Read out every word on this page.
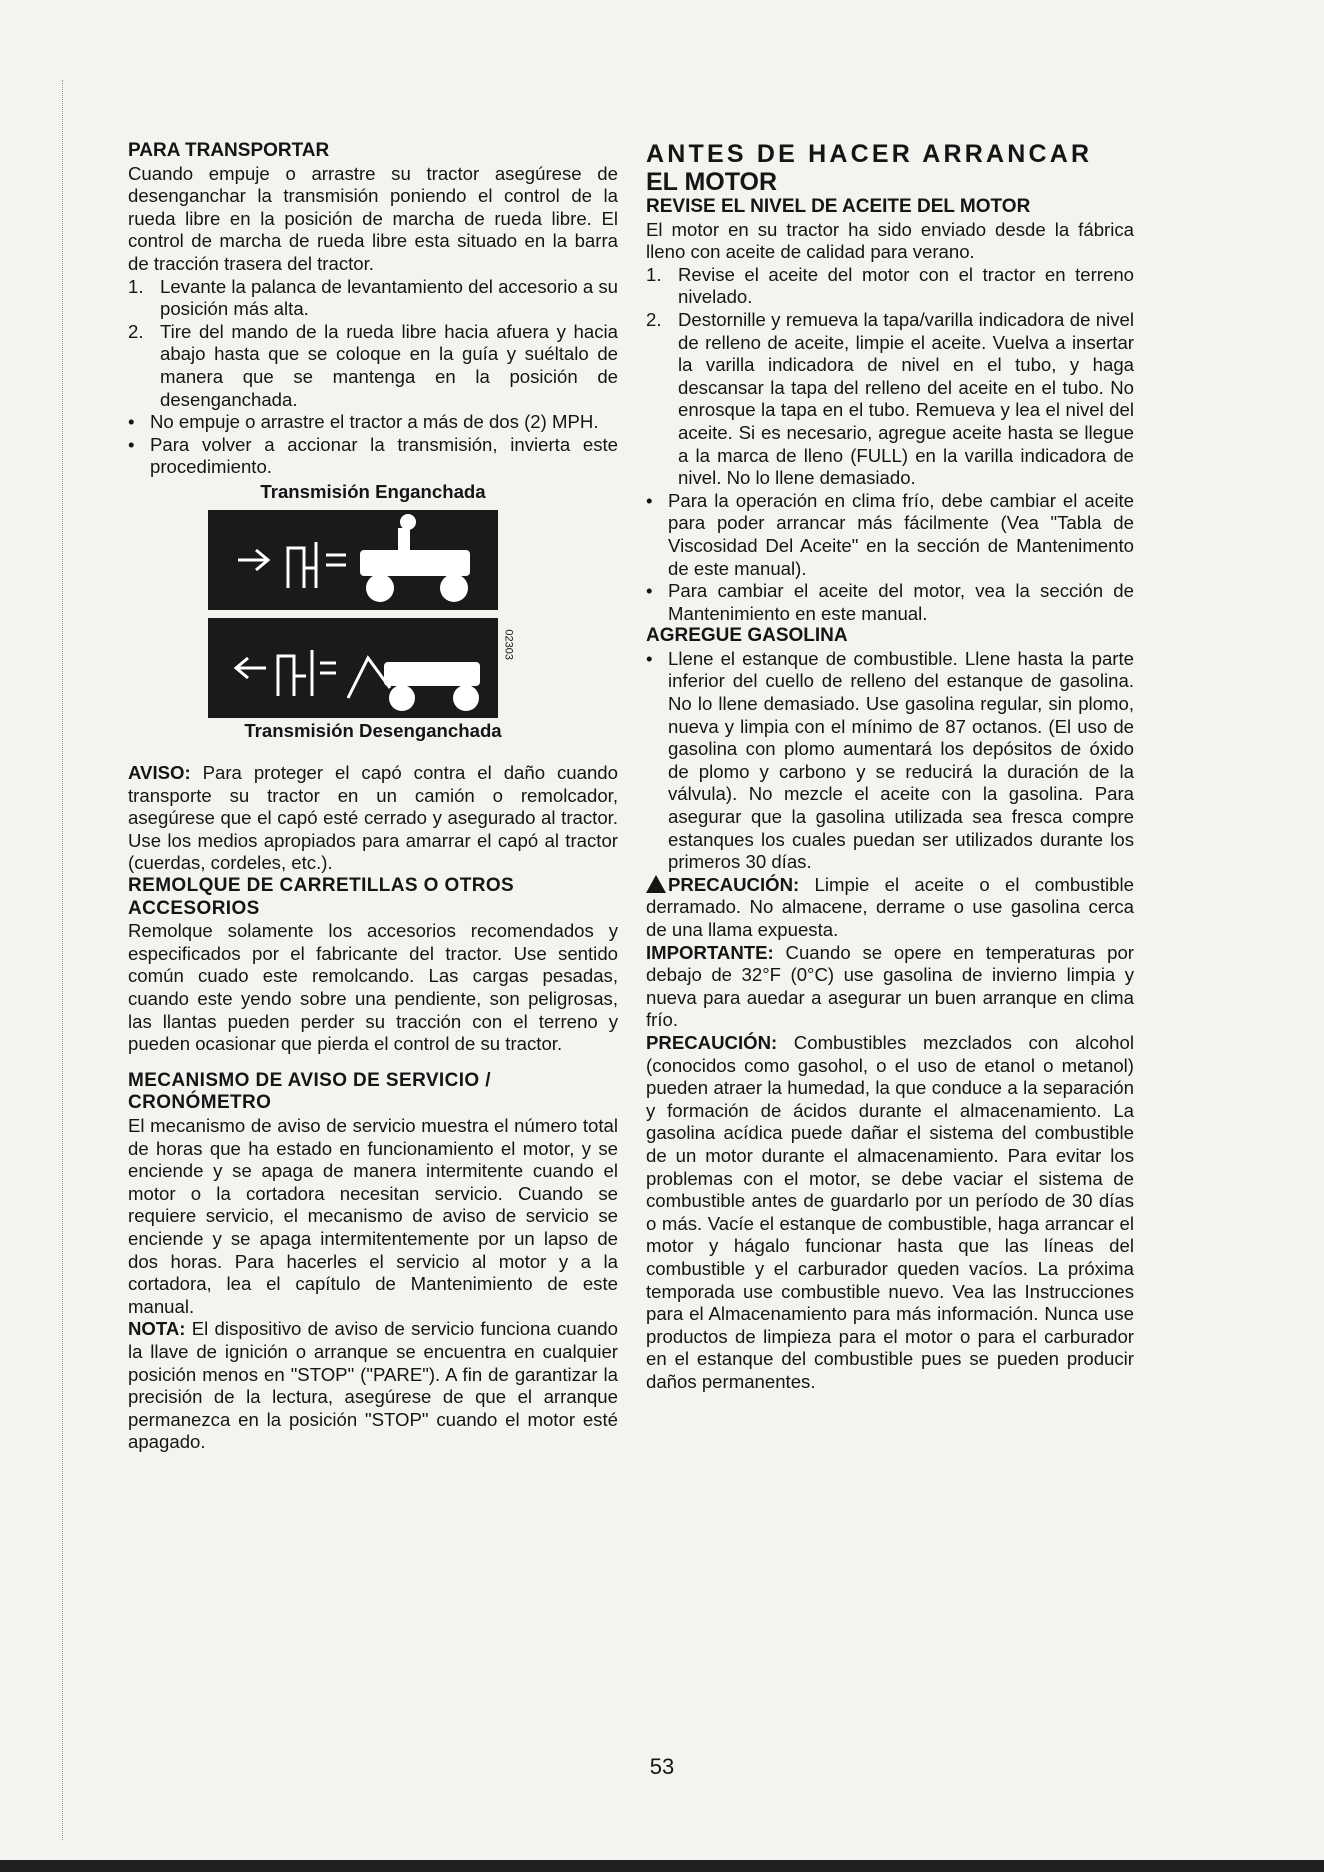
PARA TRANSPORTAR

Cuando empuje o arrastre su tractor asegúrese de desenganchar la transmisión poniendo el control de la rueda libre en la posición de marcha de rueda libre. El control de marcha de rueda libre esta situado en la barra de tracción trasera del tractor.

1. Levante la palanca de levantamiento del accesorio a su posición más alta.
2. Tire del mando de la rueda libre hacia afuera y hacia abajo hasta que se coloque en la guía y suéltalo de manera que se mantenga en la posición de desenganchada.
• No empuje o arrastre el tractor a más de dos (2) MPH.
• Para volver a accionar la transmisión, invierta este procedimiento.
Transmisión Enganchada
02303
Transmisión Desenganchada

AVISO: Para proteger el capó contra el daño cuando transporte su tractor en un camión o remolcador, asegúrese que el capó esté cerrado y asegurado al tractor. Use los medios apropiados para amarrar el capó al tractor (cuerdas, cordeles, etc.).

REMOLQUE DE CARRETILLAS O OTROS ACCESORIOS

Remolque solamente los accesorios recomendados y especificados por el fabricante del tractor. Use sentido común cuado este remolcando. Las cargas pesadas, cuando este yendo sobre una pendiente, son peligrosas, las llantas pueden perder su tracción con el terreno y pueden ocasionar que pierda el control de su tractor.

MECANISMO DE AVISO DE SERVICIO / CRONÓMETRO

El mecanismo de aviso de servicio muestra el número total de horas que ha estado en funcionamiento el motor, y se enciende y se apaga de manera intermitente cuando el motor o la cortadora necesitan servicio. Cuando se requiere servicio, el mecanismo de aviso de servicio se enciende y se apaga intermitentemente por un lapso de dos horas. Para hacerles el servicio al motor y a la cortadora, lea el capítulo de Mantenimiento de este manual.

NOTA: El dispositivo de aviso de servicio funciona cuando la llave de ignición o arranque se encuentra en cualquier posición menos en "STOP" ("PARE"). A fin de garantizar la precisión de la lectura, asegúrese de que el arranque permanezca en la posición "STOP" cuando el motor esté apagado.

ANTES DE HACER ARRANCAR
EL MOTOR
REVISE EL NIVEL DE ACEITE DEL MOTOR

El motor en su tractor ha sido enviado desde la fábrica lleno con aceite de calidad para verano.

1. Revise el aceite del motor con el tractor en terreno nivelado.
2. Destornille y remueva la tapa/varilla indicadora de nivel de relleno de aceite, limpie el aceite. Vuelva a insertar la varilla indicadora de nivel en el tubo, y haga descansar la tapa del relleno del aceite en el tubo. No enrosque la tapa en el tubo. Remueva y lea el nivel del aceite. Si es necesario, agregue aceite hasta se llegue a la marca de lleno (FULL) en la varilla indicadora de nivel. No lo llene demasiado.
• Para la operación en clima frío, debe cambiar el aceite para poder arrancar más fácilmente (Vea "Tabla de Viscosidad Del Aceite" en la sección de Mantenimento de este manual).
• Para cambiar el aceite del motor, vea la sección de Mantenimiento en este manual.
AGREGUE GASOLINA
• Llene el estanque de combustible. Llene hasta la parte inferior del cuello de relleno del estanque de gasolina. No lo llene demasiado. Use gasolina regular, sin plomo, nueva y limpia con el mínimo de 87 octanos. (El uso de gasolina con plomo aumentará los depósitos de óxido de plomo y carbono y se reducirá la duración de la válvula). No mezcle el aceite con la gasolina. Para asegurar que la gasolina utilizada sea fresca compre estanques los cuales puedan ser utilizados durante los primeros 30 días.

PRECAUCIÓN: Limpie el aceite o el combustible derramado. No almacene, derrame o use gasolina cerca de una llama expuesta.

IMPORTANTE: Cuando se opere en temperaturas por debajo de 32°F (0°C) use gasolina de invierno limpia y nueva para auedar a asegurar un buen arranque en clima frío.

PRECAUCIÓN: Combustibles mezclados con alcohol (conocidos como gasohol, o el uso de etanol o metanol) pueden atraer la humedad, la que conduce a la separación y formación de ácidos durante el almacenamiento. La gasolina acídica puede dañar el sistema del combustible de un motor durante el almacenamiento. Para evitar los problemas con el motor, se debe vaciar el sistema de combustible antes de guardarlo por un período de 30 días o más. Vacíe el estanque de combustible, haga arrancar el motor y hágalo funcionar hasta que las líneas del combustible y el carburador queden vacíos. La próxima temporada use combustible nuevo. Vea las Instrucciones para el Almacenamiento para más información. Nunca use productos de limpieza para el motor o para el carburador en el estanque del combustible pues se pueden producir daños permanentes.

53
